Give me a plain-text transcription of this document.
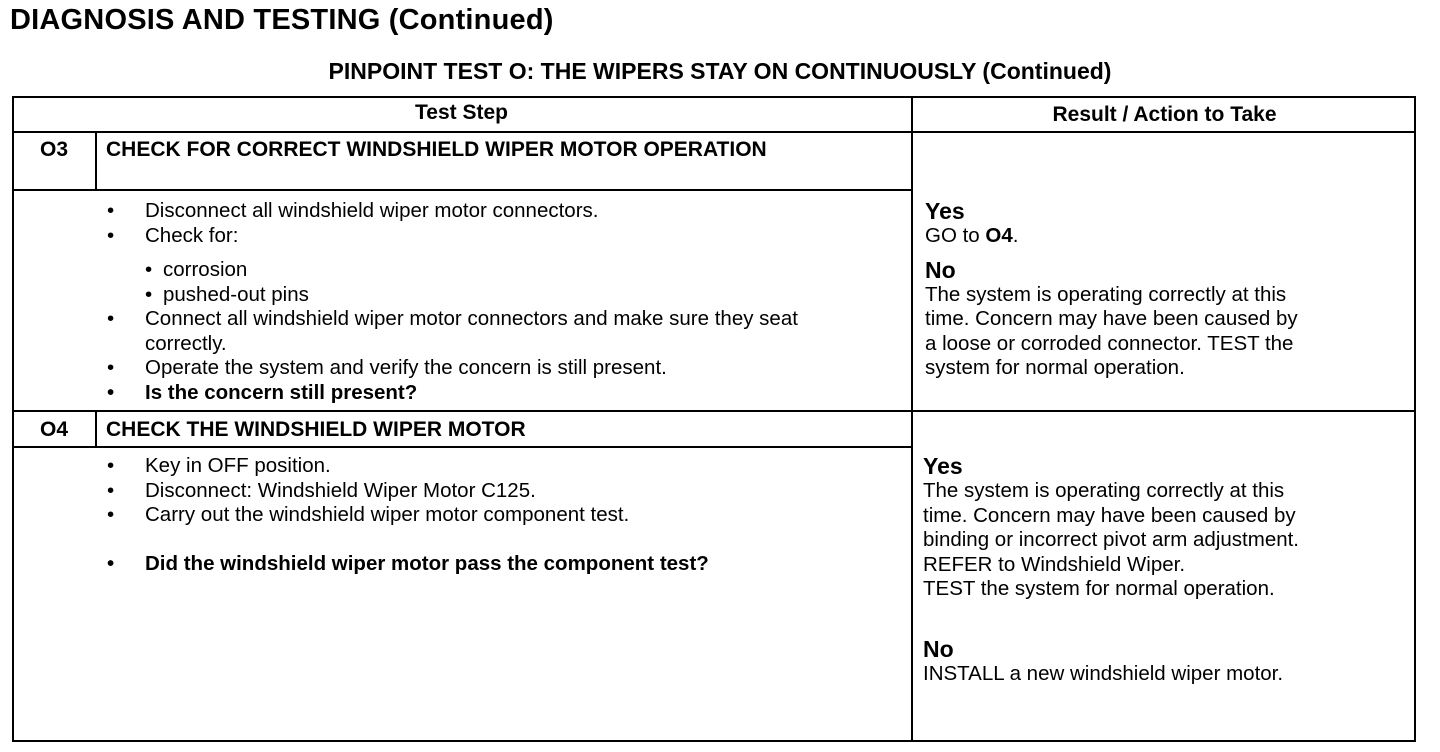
DIAGNOSIS AND TESTING (Continued)
PINPOINT TEST O: THE WIPERS STAY ON CONTINUOUSLY (Continued)
Test Step	Result / Action to Take
O3	CHECK FOR CORRECT WINDSHIELD WIPER MOTOR OPERATION
• Disconnect all windshield wiper motor connectors.
• Check for:
• corrosion
• pushed-out pins
• Connect all windshield wiper motor connectors and make sure they seat correctly.
• Operate the system and verify the concern is still present.
• Is the concern still present?
Yes
GO to O4.
No
The system is operating correctly at this
time. Concern may have been caused by
a loose or corroded connector. TEST the
system for normal operation.
O4	CHECK THE WINDSHIELD WIPER MOTOR
• Key in OFF position.
• Disconnect: Windshield Wiper Motor C125.
• Carry out the windshield wiper motor component test.
• Did the windshield wiper motor pass the component test?
Yes
The system is operating correctly at this
time. Concern may have been caused by
binding or incorrect pivot arm adjustment.
REFER to Windshield Wiper.
TEST the system for normal operation.
No
INSTALL a new windshield wiper motor.
